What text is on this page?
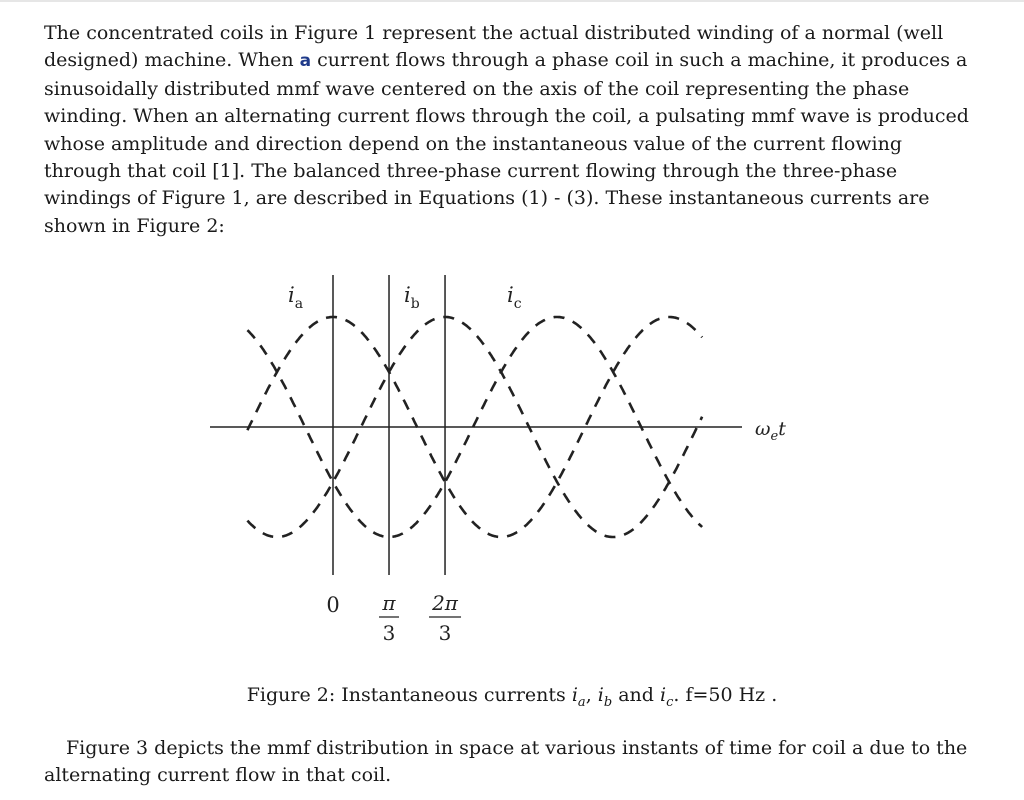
The concentrated coils in Figure 1 represent the actual distributed winding of a normal (well designed) machine. When a current flows through a phase coil in such a machine, it produces a sinusoidally distributed mmf wave centered on the axis of the coil representing the phase winding. When an alternating current flows through the coil, a pulsating mmf wave is produced whose amplitude and direction depend on the instantaneous value of the current flowing through that coil [1]. The balanced three-phase current flowing through the three-phase windings of Figure 1, are described in Equations (1) - (3). These instantaneous currents are shown in Figure 2:
$i_a$	$i_b$	$i_c$
$\omega_et$
0 π
3
2π
3
Figure 2: Instantaneous currents $i_a$, $i_b$ and $i_c$. f=50 Hz .
Figure 3 depicts the mmf distribution in space at various instants of time for coil a due to the alternating current flow in that coil.
